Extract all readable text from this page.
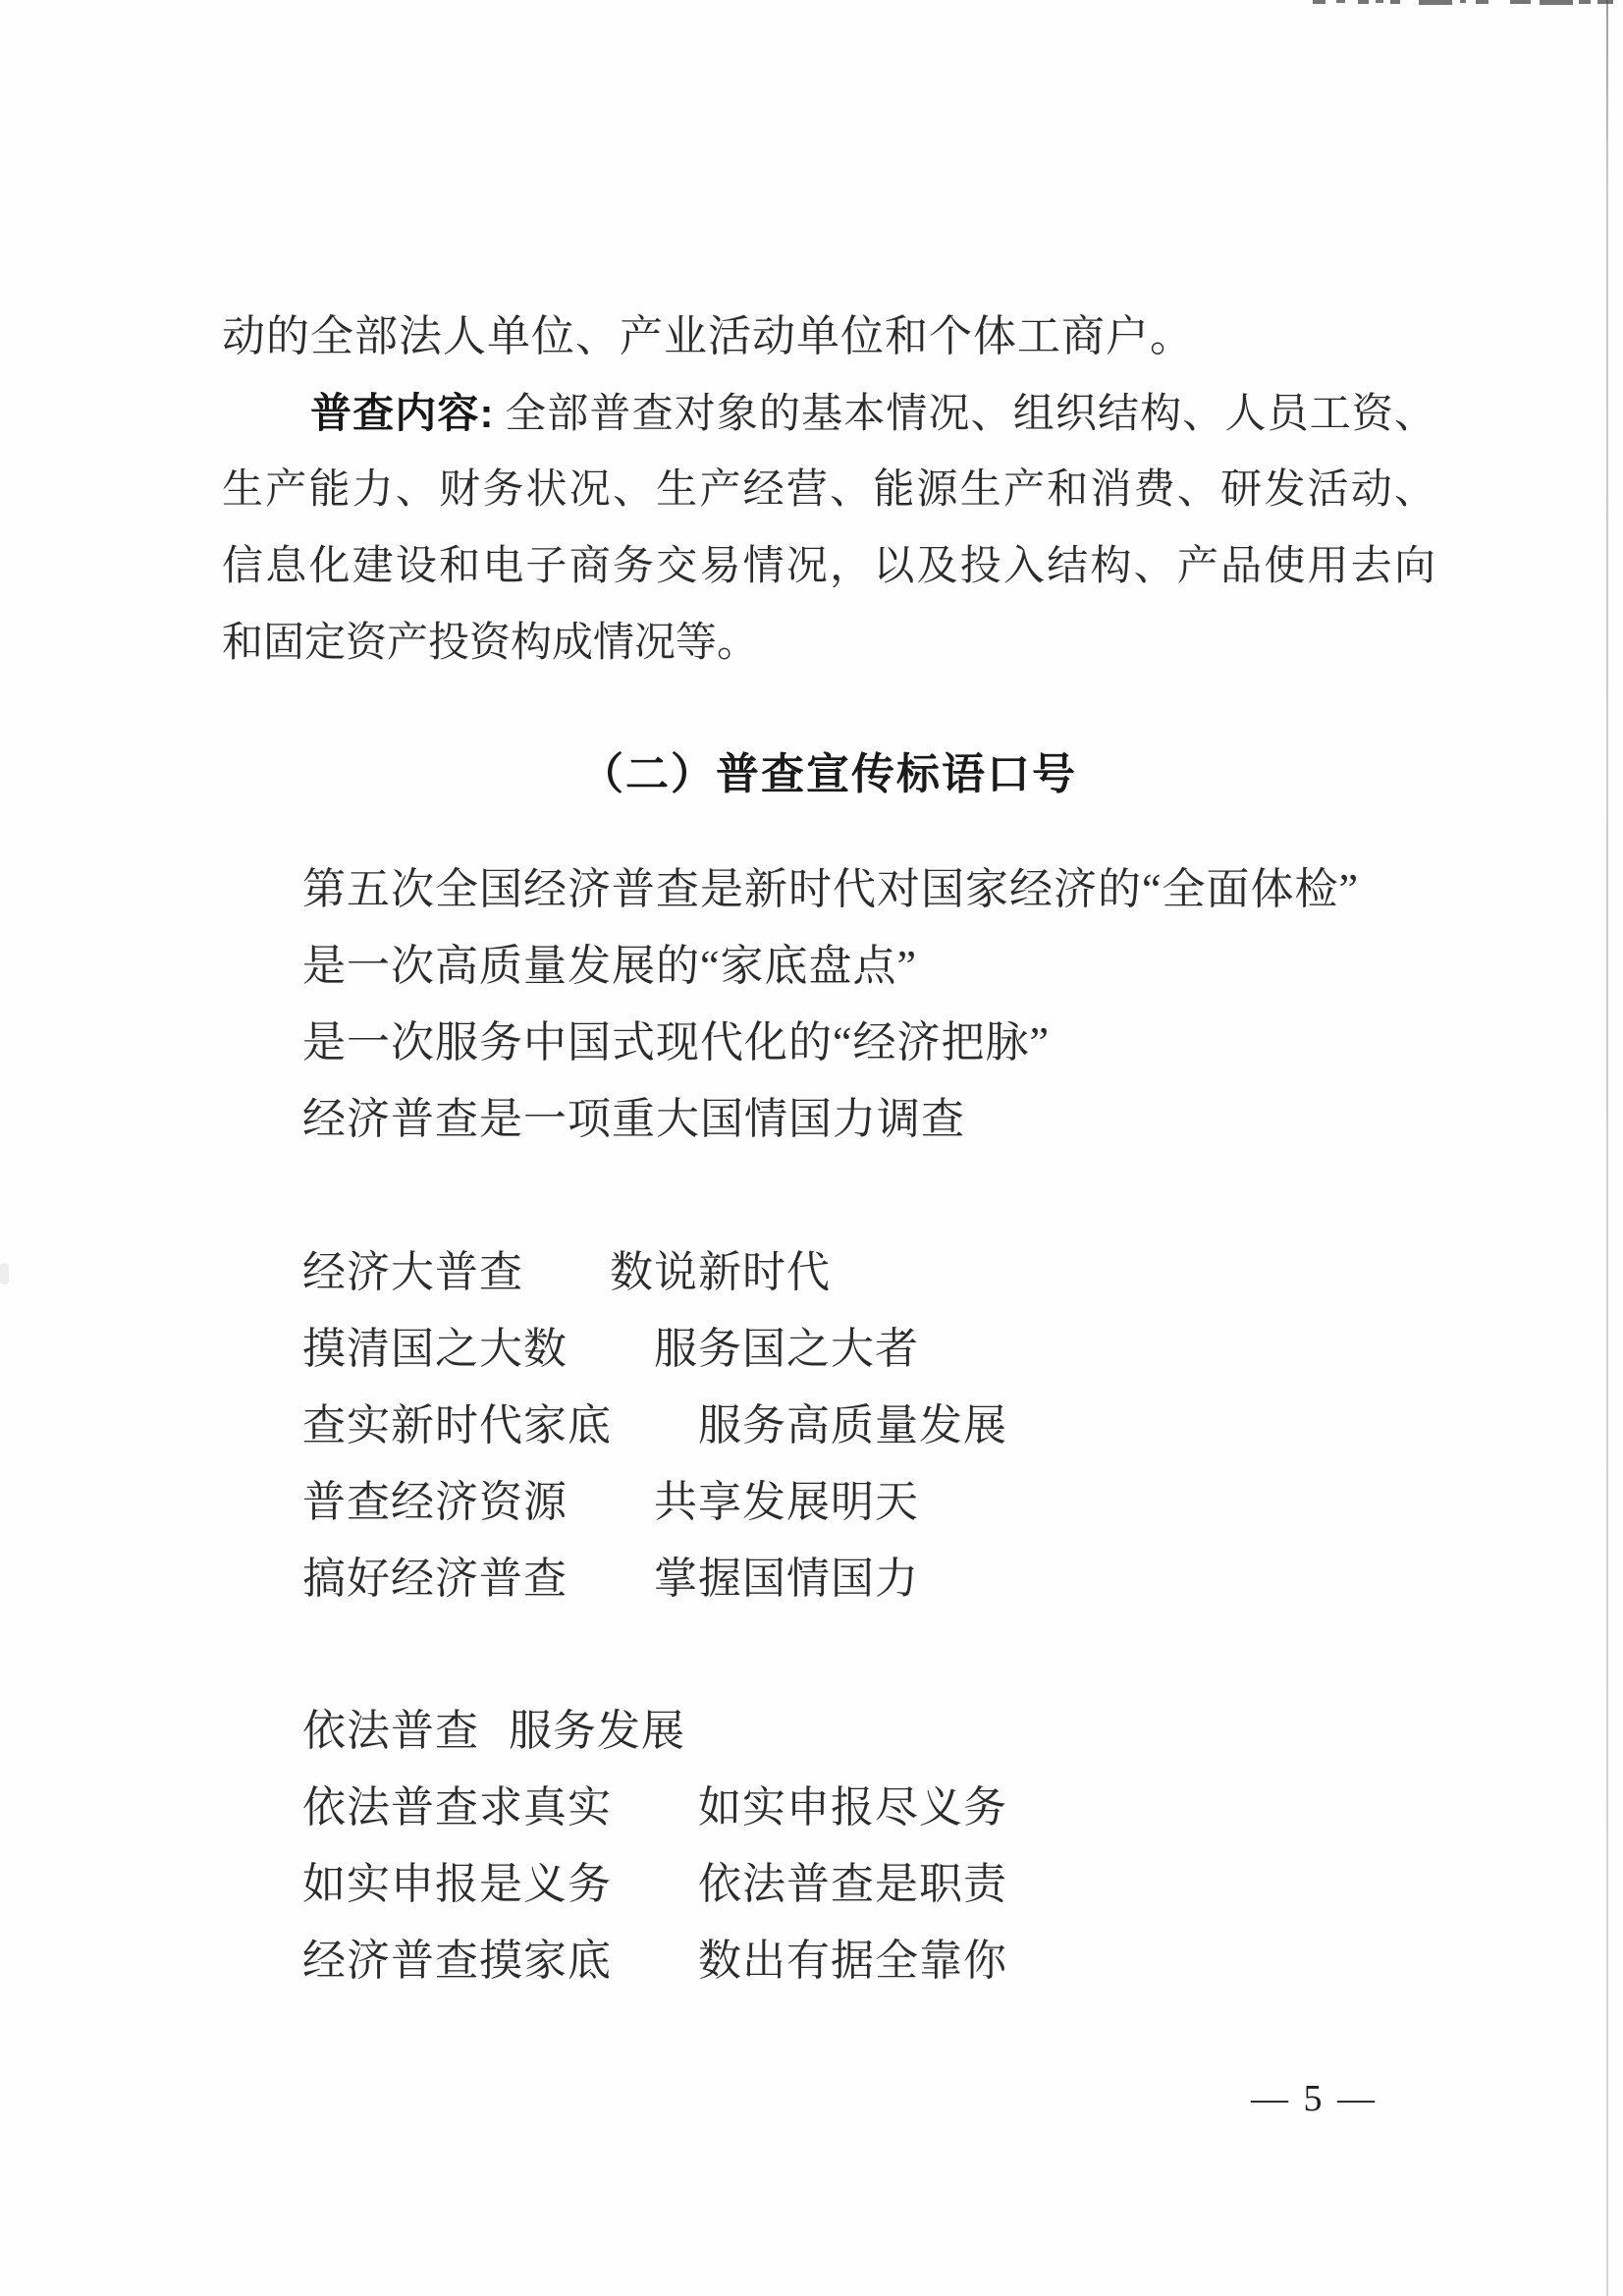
动的全部法人单位、产业活动单位和个体工商户。
普查内容: 全部普查对象的基本情况、组织结构、人员工资、
生产能力、财务状况、生产经营、能源生产和消费、研发活动、
信息化建设和电子商务交易情况，以及投入结构、产品使用去向
和固定资产投资构成情况等。
（二）普查宣传标语口号

第五次全国经济普查是新时代对国家经济的“全面体检”

是一次高质量发展的“家底盘点”

是一次服务中国式现代化的“经济把脉”

经济普查是一项重大国情国力调查

经济大普查 数说新时代

摸清国之大数 服务国之大者

查实新时代家底 服务高质量发展

普查经济资源 共享发展明天

搞好经济普查 掌握国情国力

依法普查 服务发展

依法普查求真实 如实申报尽义务

如实申报是义务 依法普查是职责

经济普查摸家底 数出有据全靠你

— 5 —
